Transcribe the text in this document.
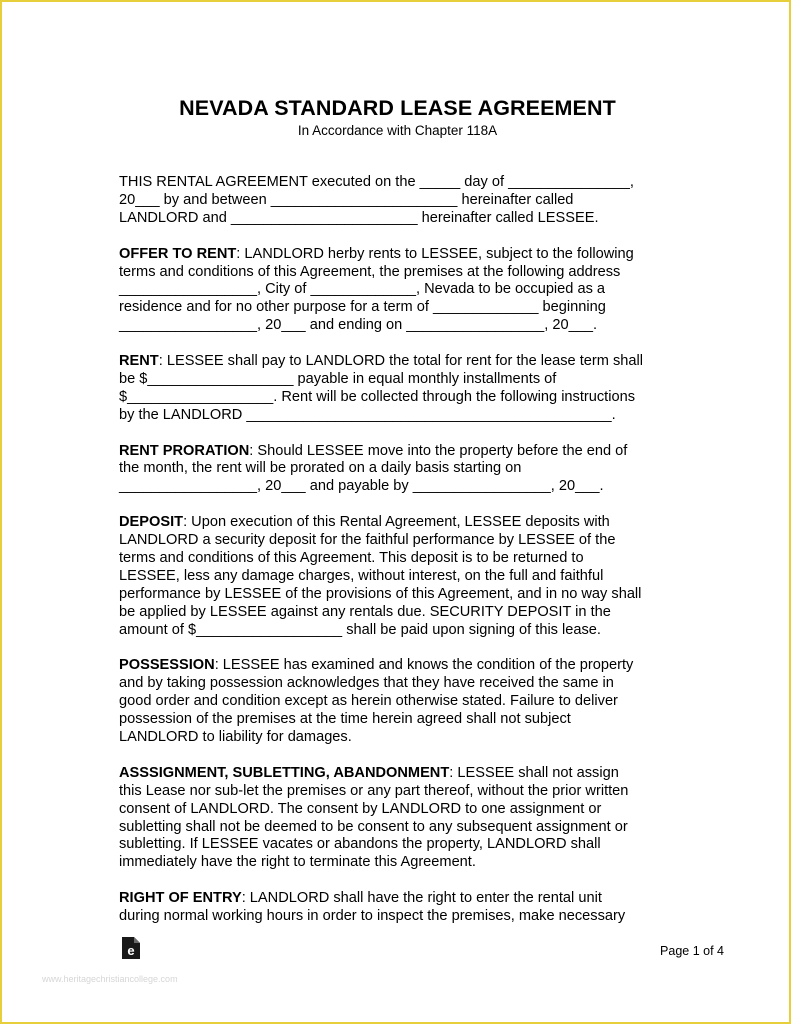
NEVADA STANDARD LEASE AGREEMENT
In Accordance with Chapter 118A

THIS RENTAL AGREEMENT executed on the _____ day of _______________,
20___ by and between _______________________ hereinafter called
LANDLORD and _______________________ hereinafter called LESSEE.

OFFER TO RENT: LANDLORD herby rents to LESSEE, subject to the following
terms and conditions of this Agreement, the premises at the following address
_________________, City of _____________, Nevada to be occupied as a
residence and for no other purpose for a term of _____________ beginning
_________________, 20___ and ending on _________________, 20___.

RENT: LESSEE shall pay to LANDLORD the total for rent for the lease term shall
be $__________________ payable in equal monthly installments of
$__________________. Rent will be collected through the following instructions
by the LANDLORD _____________________________________________.

RENT PRORATION: Should LESSEE move into the property before the end of
the month, the rent will be prorated on a daily basis starting on
_________________, 20___ and payable by _________________, 20___.

DEPOSIT: Upon execution of this Rental Agreement, LESSEE deposits with
LANDLORD a security deposit for the faithful performance by LESSEE of the
terms and conditions of this Agreement. This deposit is to be returned to
LESSEE, less any damage charges, without interest, on the full and faithful
performance by LESSEE of the provisions of this Agreement, and in no way shall
be applied by LESSEE against any rentals due. SECURITY DEPOSIT in the
amount of $__________________ shall be paid upon signing of this lease.

POSSESSION: LESSEE has examined and knows the condition of the property
and by taking possession acknowledges that they have received the same in
good order and condition except as herein otherwise stated. Failure to deliver
possession of the premises at the time herein agreed shall not subject
LANDLORD to liability for damages.

ASSSIGNMENT, SUBLETTING, ABANDONMENT: LESSEE shall not assign
this Lease nor sub-let the premises or any part thereof, without the prior written
consent of LANDLORD. The consent by LANDLORD to one assignment or
subletting shall not be deemed to be consent to any subsequent assignment or
subletting. If LESSEE vacates or abandons the property, LANDLORD shall
immediately have the right to terminate this Agreement.

RIGHT OF ENTRY: LANDLORD shall have the right to enter the rental unit
during normal working hours in order to inspect the premises, make necessary

e	Page 1 of 4
www.heritagechristiancollege.com
